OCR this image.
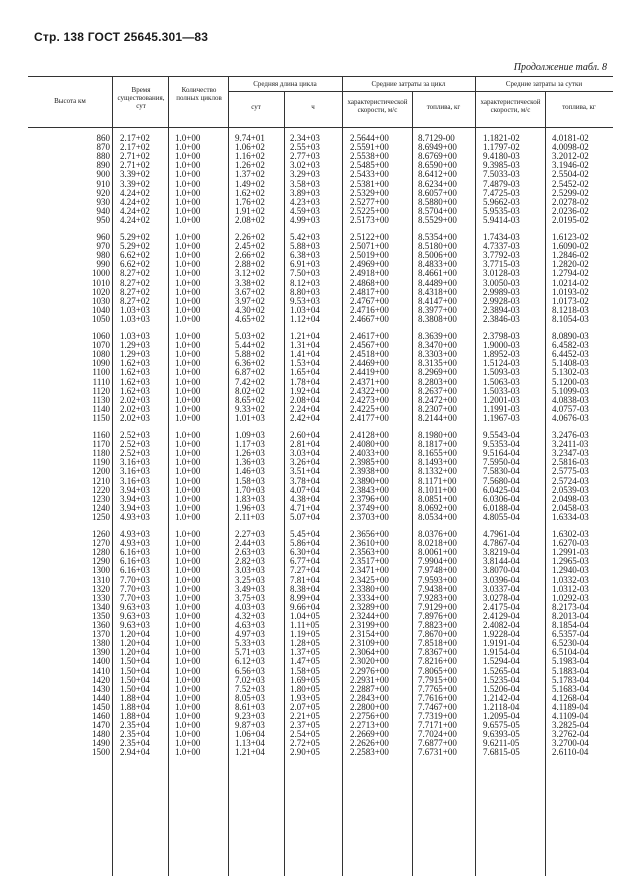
Стр. 138 ГОСТ 25645.301—83
Продолжение табл. 8
Высота км
Время существования, сут
Количество полных циклов
Средняя длина цикла
сут	ч
Средние затраты за цикл
характеристической скорости, м/с	топлива, кг
Средние затраты за сутки
характеристической скорости, м/с	топлива, кг
860 2.17+02	1.0+00	9.74+01	2.34+03	2.5644+00	8.7129-00	1.1821-02	4.0181-02
870 2.17+02	1.0+00	1.06+02	2.55+03	2.5591+00	8.6949+00	1.1797-02	4.0098-02
880 2.71+02	1.0+00	1.16+02	2.77+03	2.5538+00	8.6769+00	9.4180-03	3.2012-02
890 2.71+02	1.0+00	1.26+02	3.02+03	2.5485+00	8.6590+00	9.3985-03	3.1946-02
900 3.39+02	1.0+00	1.37+02	3.29+03	2.5433+00	8.6412+00	7.5033-03	2.5504-02
910 3.39+02	1.0+00	1.49+02	3.58+03	2.5381+00	8.6234+00	7.4879-03	2.5452-02
920 4.24+02	1.0+00	1.62+02	3.89+03	2.5329+00	8.6057+00	7.4725-03	2.5299-02
930 4.24+02	1.0+00	1.76+02	4.23+03	2.5277+00	8.5880+00	5.9662-03	2.0278-02
940 4.24+02	1.0+00	1.91+02	4.59+03	2.5225+00	8.5704+00	5.9535-03	2.0236-02
950 4.24+02	1.0+00	2.08+02	4.99+03	2.5173+00	8.5529+00	5.9414-03	2.0195-02
960 5.29+02	1.0+00	2.26+02	5.42+03	2.5122+00	8.5354+00	1.7434-03	1.6123-02
970 5.29+02	1.0+00	2.45+02	5.88+03	2.5071+00	8.5180+00	4.7337-03	1.6090-02
980 6.62+02	1.0+00	2.66+02	6.38+03	2.5019+00	8.5006+00	3.7792-03	1.2846-02
990 6.62+02	1.0+00	2.88+02	6.91+03	2.4969+00	8.4833+00	3.7715-03	1.2820-02
1000 8.27+02	1.0+00	3.12+02	7.50+03	2.4918+00	8.4661+00	3.0128-03	1.2794-02
1010 8.27+02	1.0+00	3.38+02	8.12+03	2.4868+00	8.4489+00	3.0050-03	1.0214-02
1020 8.27+02	1.0+00	3.67+02	8.80+03	2.4817+00	8.4318+00	2.9989-03	1.0193-02
1030 8.27+02	1.0+00	3.97+02	9.53+03	2.4767+00	8.4147+00	2.9928-03	1.0173-02
1040 1.03+03	1.0+00	4.30+02	1.03+04	2.4716+00	8.3977+00	2.3894-03	8.1218-03
1050 1.03+03	1.0+00	4.65+02	1.12+04	2.4667+00	8.3808+00	2.3846-03	8.1054-03
1060 1.03+03	1.0+00	5.03+02	1.21+04	2.4617+00	8.3639+00	2.3798-03	8.0890-03
1070 1.29+03	1.0+00	5.44+02	1.31+04	2.4567+00	8.3470+00	1.9000-03	6.4582-03
1080 1.29+03	1.0+00	5.88+02	1.41+04	2.4518+00	8.3303+00	1.8952-03	6.4452-03
1090 1.62+03	1.0+00	6.36+02	1.53+04	2.4469+00	8.3135+00	1.5124-03	5.1408-03
1100 1.62+03	1.0+00	6.87+02	1.65+04	2.4419+00	8.2969+00	1.5093-03	5.1302-03
1110 1.62+03	1.0+00	7.42+02	1.78+04	2.4371+00	8.2803+00	1.5063-03	5.1200-03
1120 1.62+03	1.0+00	8.02+02	1.92+04	2.4322+00	8.2637+00	1.5033-03	5.1099-03
1130 2.02+03	1.0+00	8.65+02	2.08+04	2.4273+00	8.2472+00	1.2001-03	4.0838-03
1140 2.02+03	1.0+00	9.33+02	2.24+04	2.4225+00	8.2307+00	1.1991-03	4.0757-03
1150 2.02+03	1.0+00	1.01+03	2.42+04	2.4177+00	8.2144+00	1.1967-03	4.0676-03
1160 2.52+03	1.0+00	1.09+03	2.60+04	2.4128+00	8.1980+00	9.5543-04	3.2476-03
1170 2.52+03	1.0+00	1.17+03	2.81+04	2.4080+00	8.1817+00	9.5353-04	3.2411-03
1180 2.52+03	1.0+00	1.26+03	3.03+04	2.4033+00	8.1655+00	9.5164-04	3.2347-03
1190 3.16+03	1.0+00	1.36+03	3.26+04	2.3985+00	8.1493+00	7.5950-04	2.5816-03
1200 3.16+03	1.0+00	1.46+03	3.51+04	2.3938+00	8.1332+00	7.5830-04	2.5775-03
1210 3.16+03	1.0+00	1.58+03	3.78+04	2.3890+00	8.1171+00	7.5680-04	2.5724-03
1220 3.94+03	1.0+00	1.70+03	4.07+04	2.3843+00	8.1011+00	6.0425-04	2.0539-03
1230 3.94+03	1.0+00	1.83+03	4.38+04	2.3796+00	8.0851+00	6.0306-04	2.0498-03
1240 3.94+03	1.0+00	1.96+03	4.71+04	2.3749+00	8.0692+00	6.0188-04	2.0458-03
1250 4.93+03	1.0+00	2.11+03	5.07+04	2.3703+00	8.0534+00	4.8055-04	1.6334-03
1260 4.93+03	1.0+00	2.27+03	5.45+04	2.3656+00	8.0376+00	4.7961-04	1.6302-03
1270 4.93+03	1.0+00	2.44+03	5.86+04	2.3610+00	8.0218+00	4.7867-04	1.6270-03
1280 6.16+03	1.0+00	2.63+03	6.30+04	2.3563+00	8.0061+00	3.8219-04	1.2991-03
1290 6.16+03	1.0+00	2.82+03	6.77+04	2.3517+00	7.9904+00	3.8144-04	1.2965-03
1300 6.16+03	1.0+00	3.03+03	7.27+04	2.3471+00	7.9748+00	3.8070-04	1.2940-03
1310 7.70+03	1.0+00	3.25+03	7.81+04	2.3425+00	7.9593+00	3.0396-04	1.0332-03
1320 7.70+03	1.0+00	3.49+03	8.38+04	2.3380+00	7.9438+00	3.0337-04	1.0312-03
1330 7.70+03	1.0+00	3.75+03	8.99+04	2.3334+00	7.9283+00	3.0278-04	1.0292-03
1340 9.63+03	1.0+00	4.03+03	9.66+04	2.3289+00	7.9129+00	2.4175-04	8.2173-04
1350 9.63+03	1.0+00	4.32+03	1.04+05	2.3244+00	7.8976+00	2.4129-04	8.2013-04
1360 9.63+03	1.0+00	4.63+03	1.11+05	2.3199+00	7.8823+00	2.4082-04	8.1854-04
1370 1.20+04	1.0+00	4.97+03	1.19+05	2.3154+00	7.8670+00	1.9228-04	6.5357-04
1380 1.20+04	1.0+00	5.33+03	1.28+05	2.3109+00	7.8518+00	1.9191-04	6.5230-04
1390 1.20+04	1.0+00	5.71+03	1.37+05	2.3064+00	7.8367+00	1.9154-04	6.5104-04
1400 1.50+04	1.0+00	6.12+03	1.47+05	2.3020+00	7.8216+00	1.5294-04	5.1983-04
1410 1.50+04	1.0+00	6.56+03	1.58+05	2.2976+00	7.8065+00	1.5265-04	5.1883-04
1420 1.50+04	1.0+00	7.02+03	1.69+05	2.2931+00	7.7915+00	1.5235-04	5.1783-04
1430 1.50+04	1.0+00	7.52+03	1.80+05	2.2887+00	7.7765+00	1.5206-04	5.1683-04
1440 1.88+04	1.0+00	8.05+03	1.93+05	2.2843+00	7.7616+00	1.2142-04	4.1268-04
1450 1.88+04	1.0+00	8.61+03	2.07+05	2.2800+00	7.7467+00	1.2118-04	4.1189-04
1460 1.88+04	1.0+00	9.23+03	2.21+05	2.2756+00	7.7319+00	1.2095-04	4.1109-04
1470 2.35+04	1.0+00	9.87+03	2.37+05	2.2713+00	7.7171+00	9.6575-05	3.2825-04
1480 2.35+04	1.0+00	1.06+04	2.54+05	2.2669+00	7.7024+00	9.6393-05	3.2762-04
1490 2.35+04	1.0+00	1.13+04	2.72+05	2.2626+00	7.6877+00	9.6211-05	3.2700-04
1500 2.94+04	1.0+00	1.21+04	2.90+05	2.2583+00	7.6731+00	7.6815-05	2.6110-04
